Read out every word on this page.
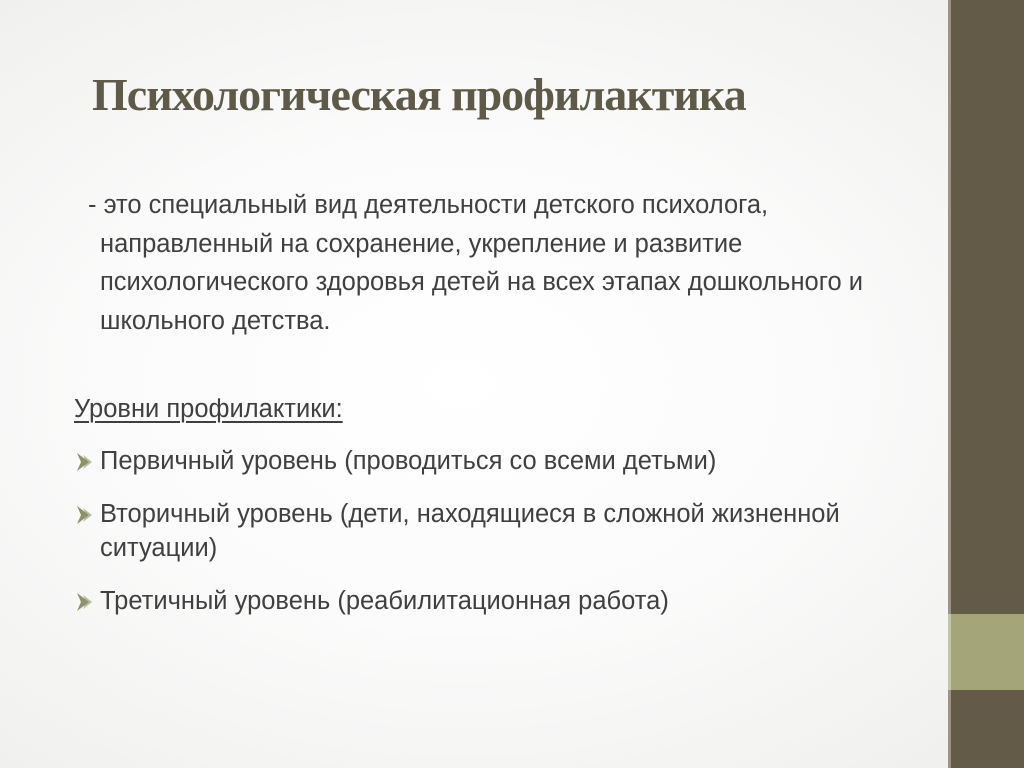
Психологическая профилактика
- это специальный вид деятельности детского психолога, направленный на сохранение, укрепление и развитие психологического здоровья детей на всех этапах дошкольного и школьного детства.
Уровни профилактики:
Первичный уровень (проводиться со всеми детьми)
Вторичный уровень (дети, находящиеся в сложной жизненной ситуации)
Третичный уровень (реабилитационная работа)
